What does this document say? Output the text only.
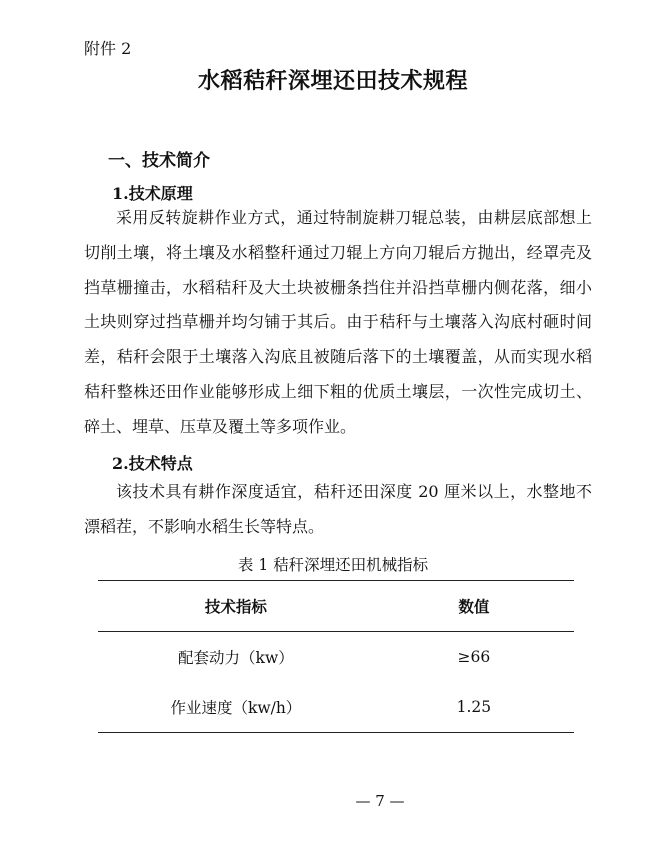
附件 2
水稻秸秆深埋还田技术规程
一、技术简介
1.技术原理

采用反转旋耕作业方式，通过特制旋耕刀辊总装，由耕层底部想上切削土壤，将土壤及水稻整秆通过刀辊上方向刀辊后方抛出，经罩壳及挡草栅撞击，水稻秸秆及大土块被栅条挡住并沿挡草栅内侧花落，细小土块则穿过挡草栅并均匀铺于其后。由于秸秆与土壤落入沟底村砸时间差，秸秆会限于土壤落入沟底且被随后落下的土壤覆盖，从而实现水稻秸秆整株还田作业能够形成上细下粗的优质土壤层，一次性完成切土、碎土、埋草、压草及覆土等多项作业。

2.技术特点

该技术具有耕作深度适宜，秸秆还田深度 20 厘米以上，水整地不漂稻茬，不影响水稻生长等特点。

表 1 秸秆深埋还田机械指标
技术指标	数值
配套动力（kw）	≥66
作业速度（kw/h）	1.25
— 7 —
